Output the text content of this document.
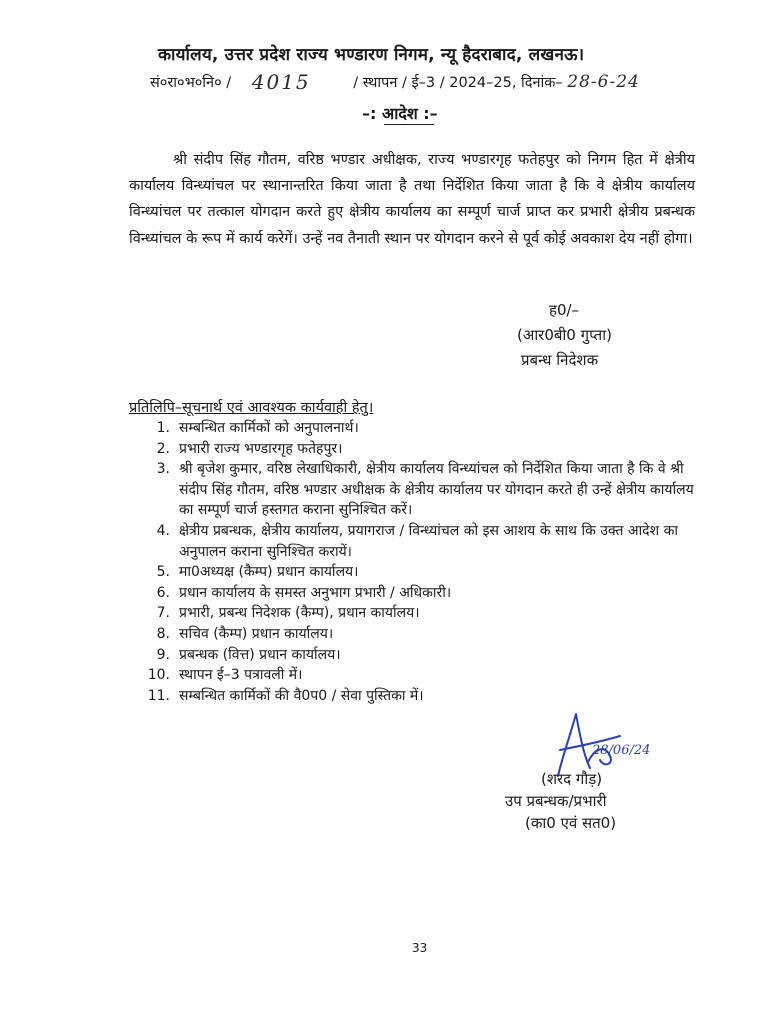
कार्यालय, उत्तर प्रदेश राज्य भण्डारण निगम, न्यू हैदराबाद, लखनऊ।
सं०रा०भ०नि० / 4015	/ स्थापन / ई–3 / 2024–25, दिनांक– 28-6-24
–: आदेश :–
श्री संदीप सिंह गौतम, वरिष्ठ भण्डार अधीक्षक, राज्य भण्डारगृह फतेहपुर को निगम हित में क्षेत्रीय कार्यालय विन्ध्यांचल पर स्थानान्तरित किया जाता है तथा निर्देशित किया जाता है कि वे क्षेत्रीय कार्यालय विन्ध्यांचल पर तत्काल योगदान करते हुए क्षेत्रीय कार्यालय का सम्पूर्ण चार्ज प्राप्त कर प्रभारी क्षेत्रीय प्रबन्धक विन्ध्यांचल के रूप में कार्य करेगें। उन्हें नव तैनाती स्थान पर योगदान करने से पूर्व कोई अवकाश देय नहीं होगा।
ह0/–
(आर0बी0 गुप्ता)
प्रबन्ध निदेशक
प्रतिलिपि–सूचनार्थ एवं आवश्यक कार्यवाही हेतु।
1. सम्बन्धित कार्मिकों को अनुपालनार्थ।
2. प्रभारी राज्य भण्डारगृह फतेहपुर।
3. श्री बृजेश कुमार, वरिष्ठ लेखाधिकारी, क्षेत्रीय कार्यालय विन्ध्यांचल को निर्देशित किया जाता है कि वे श्री संदीप सिंह गौतम, वरिष्ठ भण्डार अधीक्षक के क्षेत्रीय कार्यालय पर योगदान करते ही उन्हें क्षेत्रीय कार्यालय का सम्पूर्ण चार्ज हस्तगत कराना सुनिश्चित करें।
4. क्षेत्रीय प्रबन्धक, क्षेत्रीय कार्यालय, प्रयागराज / विन्ध्यांचल को इस आशय के साथ कि उक्त आदेश का अनुपालन कराना सुनिश्चित करायें।
5. मा0अध्यक्ष (कैम्प) प्रधान कार्यालय।
6. प्रधान कार्यालय के समस्त अनुभाग प्रभारी / अधिकारी।
7. प्रभारी, प्रबन्ध निदेशक (कैम्प), प्रधान कार्यालय।
8. सचिव (कैम्प) प्रधान कार्यालय।
9. प्रबन्धक (वित्त) प्रधान कार्यालय।
10. स्थापन ई–3 पत्रावली में।
11. सम्बन्धित कार्मिकों की वै0प0 / सेवा पुस्तिका में।
28/06/24
(शरद गौड़)
उप प्रबन्धक/प्रभारी
(का0 एवं सत0)
33
